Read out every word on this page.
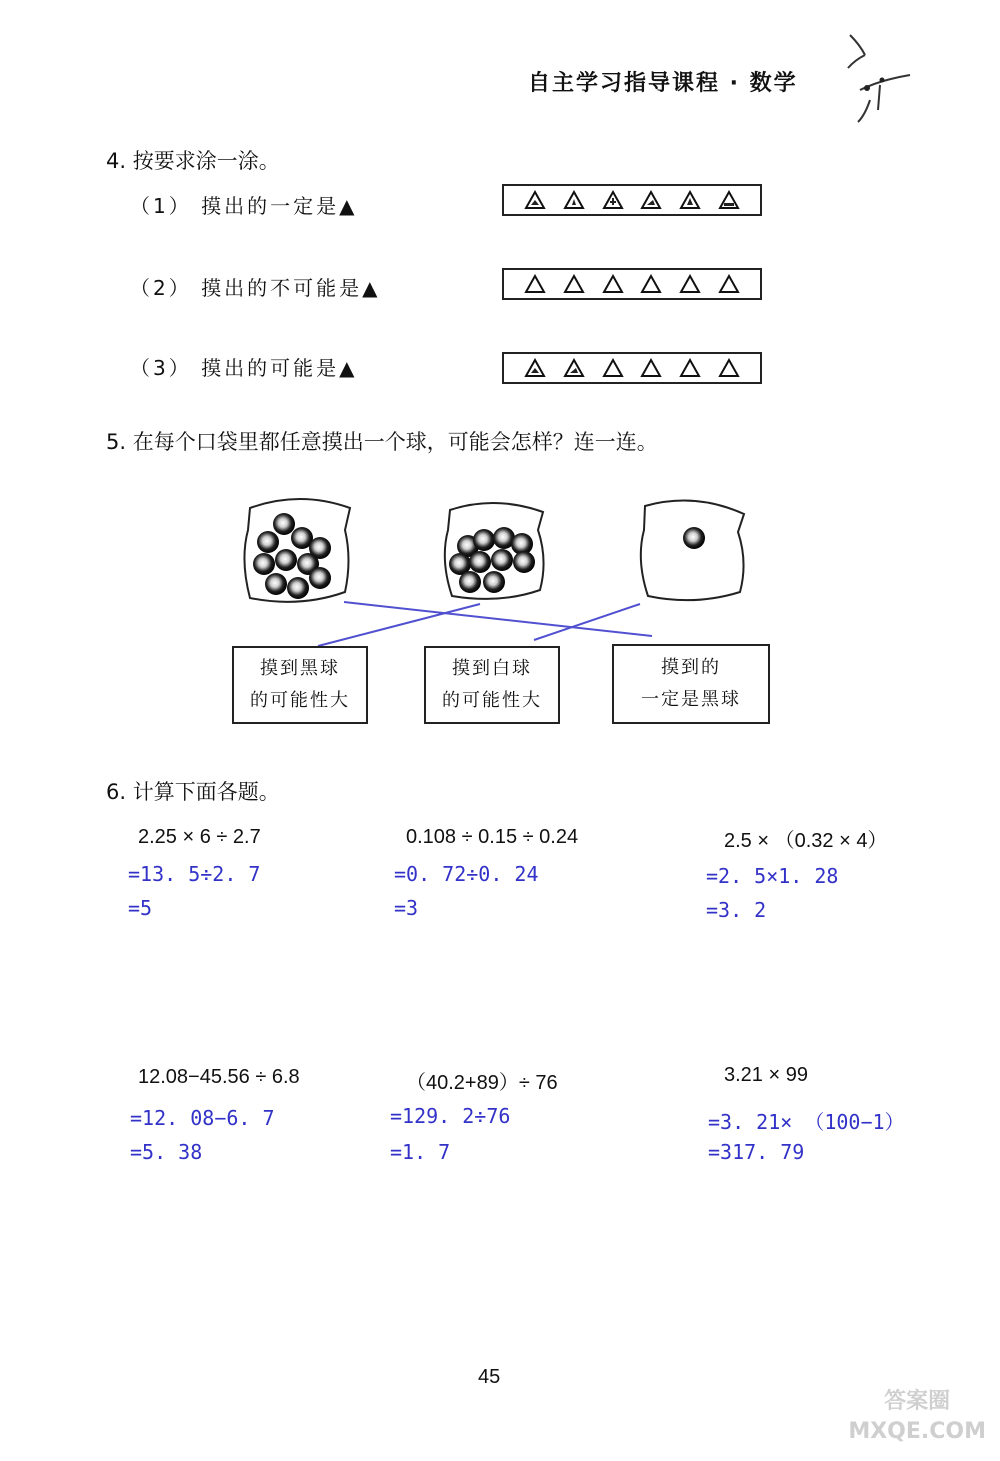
自主学习指导课程 · 数学
4. 按要求涂一涂。
（1） 摸出的一定是▲
（2） 摸出的不可能是▲
（3） 摸出的可能是▲
5. 在每个口袋里都任意摸出一个球，可能会怎样？连一连。
摸到黑球
的可能性大
摸到白球
的可能性大
摸到的
一定是黑球
6. 计算下面各题。
2.25 × 6 ÷ 2.7
=13. 5÷2. 7
=5
0.108 ÷ 0.15 ÷ 0.24
=0. 72÷0. 24
=3
2.5 × （0.32 × 4）
=2. 5×1. 28
=3. 2
12.08−45.56 ÷ 6.8
=12. 08−6. 7
=5. 38
（40.2+89）÷ 76
=129. 2÷76
=1. 7
3.21 × 99
=3. 21× （100−1）
=317. 79
45
答案圈
MXQE.COM
